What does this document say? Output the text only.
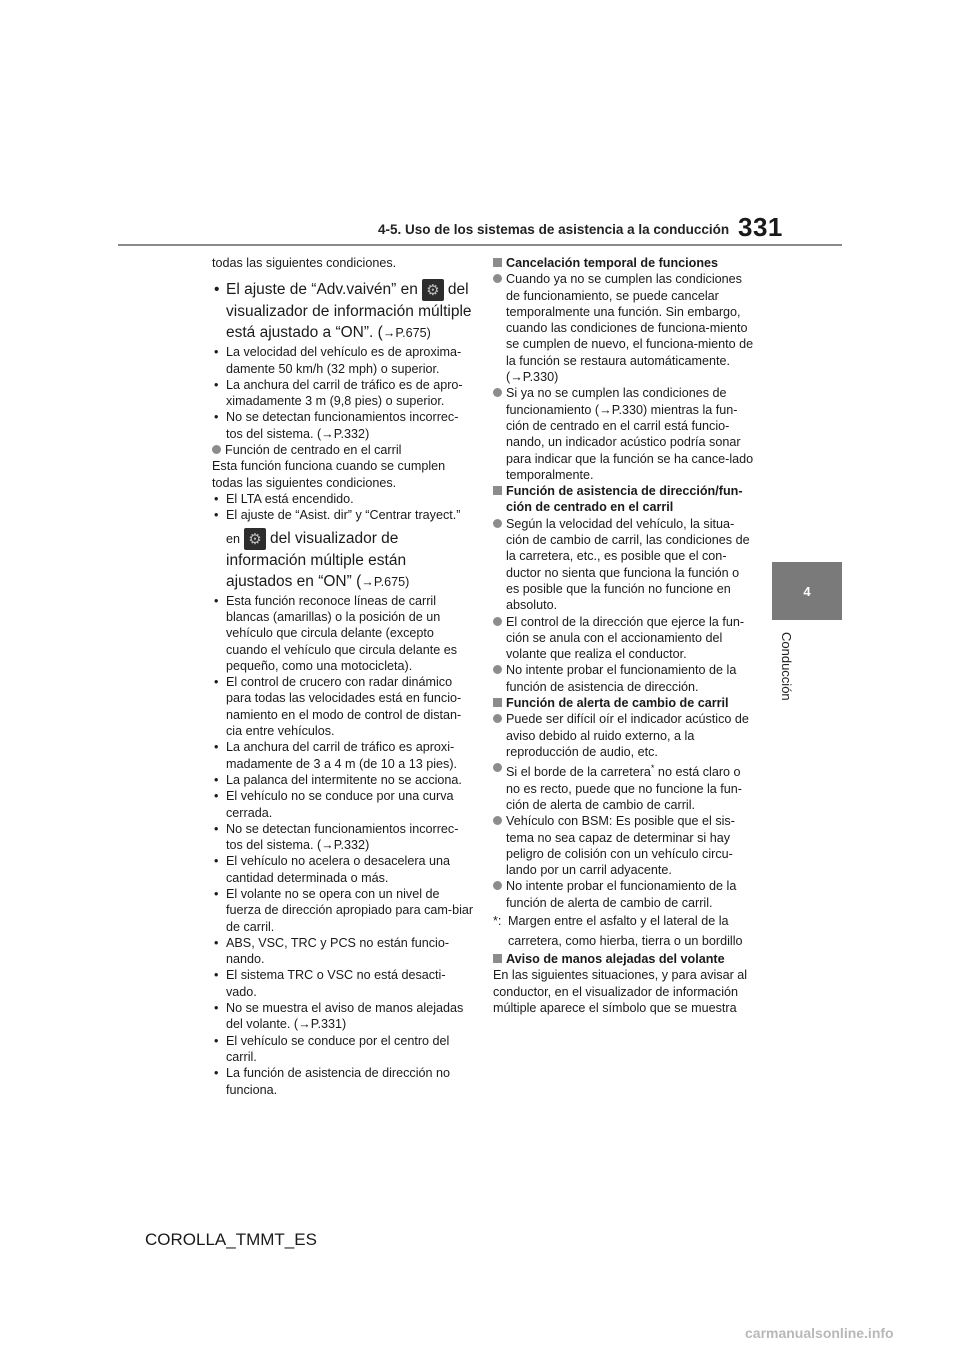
4-5. Uso de los sistemas de asistencia a la conducción 331
4
Conducción

todas las siguientes condiciones.

• El ajuste de “Adv.vaivén” en⚙ del visualizador de información múltiple está ajustado a “ON”. (→P.675)

• La velocidad del vehículo es de aproxima-damente 50 km/h (32 mph) o superior.

• La anchura del carril de tráfico es de apro-ximadamente 3 m (9,8 pies) o superior.

• No se detectan funcionamientos incorrec-tos del sistema. (→P.332)

Función de centrado en el carril

Esta función funciona cuando se cumplen

todas las siguientes condiciones.

• El LTA está encendido.

• El ajuste de “Asist. dir” y “Centrar trayect.”

en⚙ del visualizador de información múltiple están ajustados en “ON” (→P.675)

• Esta función reconoce líneas de carril blancas (amarillas) o la posición de un vehículo que circula delante (excepto cuando el vehículo que circula delante es pequeño, como una motocicleta).

• El control de crucero con radar dinámico para todas las velocidades está en funcio-namiento en el modo de control de distan-cia entre vehículos.

• La anchura del carril de tráfico es aproxi-madamente de 3 a 4 m (de 10 a 13 pies).

• La palanca del intermitente no se acciona.

• El vehículo no se conduce por una curva cerrada.

• No se detectan funcionamientos incorrec-tos del sistema. (→P.332)

• El vehículo no acelera o desacelera una cantidad determinada o más.

• El volante no se opera con un nivel de fuerza de dirección apropiado para cam-biar de carril.

• ABS, VSC, TRC y PCS no están funcio-nando.

• El sistema TRC o VSC no está desacti-vado.

• No se muestra el aviso de manos alejadas del volante. (→P.331)

• El vehículo se conduce por el centro del carril.

• La función de asistencia de dirección no funciona.

Cancelación temporal de funciones

Cuando ya no se cumplen las condiciones de funcionamiento, se puede cancelar temporalmente una función. Sin embargo, cuando las condiciones de funciona-miento se cumplen de nuevo, el funciona-miento de la función se restaura automáticamente. (→P.330)

Si ya no se cumplen las condiciones de funcionamiento (→P.330) mientras la fun-ción de centrado en el carril está funcio-nando, un indicador acústico podría sonar para indicar que la función se ha cance-lado temporalmente.

Función de asistencia de dirección/fun-ción de centrado en el carril

Según la velocidad del vehículo, la situa-ción de cambio de carril, las condiciones de la carretera, etc., es posible que el con-ductor no sienta que funciona la función o es posible que la función no funcione en absoluto.

El control de la dirección que ejerce la fun-ción se anula con el accionamiento del volante que realiza el conductor.

No intente probar el funcionamiento de la función de asistencia de dirección.

Función de alerta de cambio de carril

Puede ser difícil oír el indicador acústico de aviso debido al ruido externo, a la reproducción de audio, etc.

Si el borde de la carretera* no está claro o no es recto, puede que no funcione la fun-ción de alerta de cambio de carril.

Vehículo con BSM: Es posible que el sis-tema no sea capaz de determinar si hay peligro de colisión con un vehículo circu-lando por un carril adyacente.

No intente probar el funcionamiento de la función de alerta de cambio de carril.

*: Margen entre el asfalto y el lateral de la carretera, como hierba, tierra o un bordillo

Aviso de manos alejadas del volante

En las siguientes situaciones, y para avisar al conductor, en el visualizador de información múltiple aparece el símbolo que se muestra

COROLLA_TMMT_ES
carmanualsonline.info
